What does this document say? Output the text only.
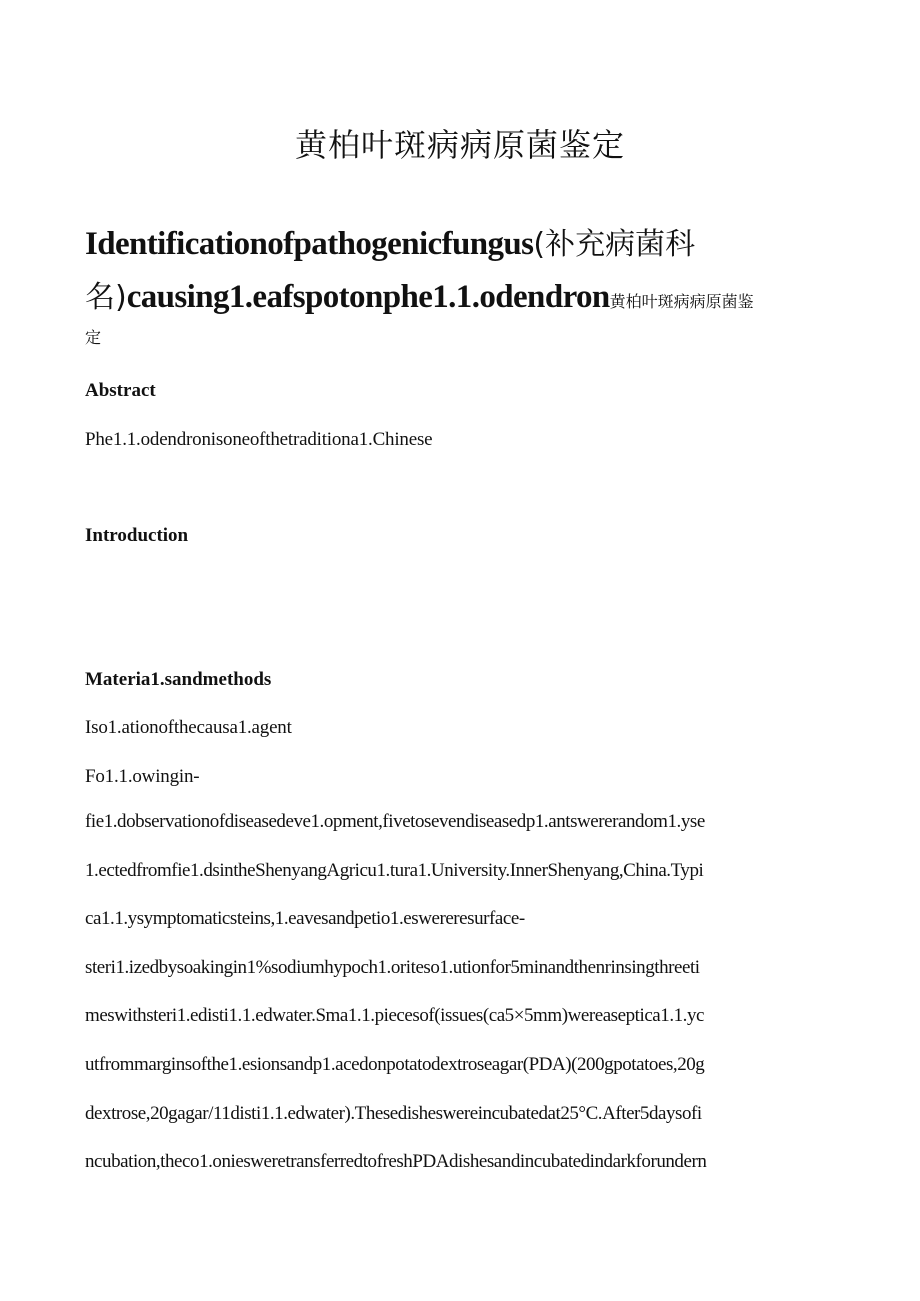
黄柏叶斑病病原菌鉴定

Identificationofpathogenicfungus(补充病菌科名)causing1.eafspotonphe1.1.odendron黄柏叶斑病病原菌鉴

定

Abstract

Phe1.1.odendronisoneofthetraditiona1.Chinese

Introduction
Materia1.sandmethods

Iso1.ationofthecausa1.agent

Fo1.1.owingin-

fie1.dobservationofdiseasedeve1.opment,fivetosevendiseasedp1.antswererandom1.yse
1.ectedfromfie1.dsintheShenyangAgricu1.tura1.University.InnerShenyang,China.Typi
ca1.1.ysymptomaticsteins,1.eavesandpetio1.eswereresurface-
steri1.izedbysoakingin1%sodiumhypoch1.oriteso1.utionfor5minandthenrinsingthreeti
meswithsteri1.edisti1.1.edwater.Sma1.1.piecesof(issues(ca5×5mm)wereaseptica1.1.yc
utfrommarginsofthe1.esionsandp1.acedonpotatodextroseagar(PDA)(200gpotatoes,20g
dextrose,20gagar/11disti1.1.edwater).Thesedisheswereincubatedat25°C.After5daysofi
ncubation,theco1.oniesweretransferredtofreshPDAdishesandincubatedindarkforundern
